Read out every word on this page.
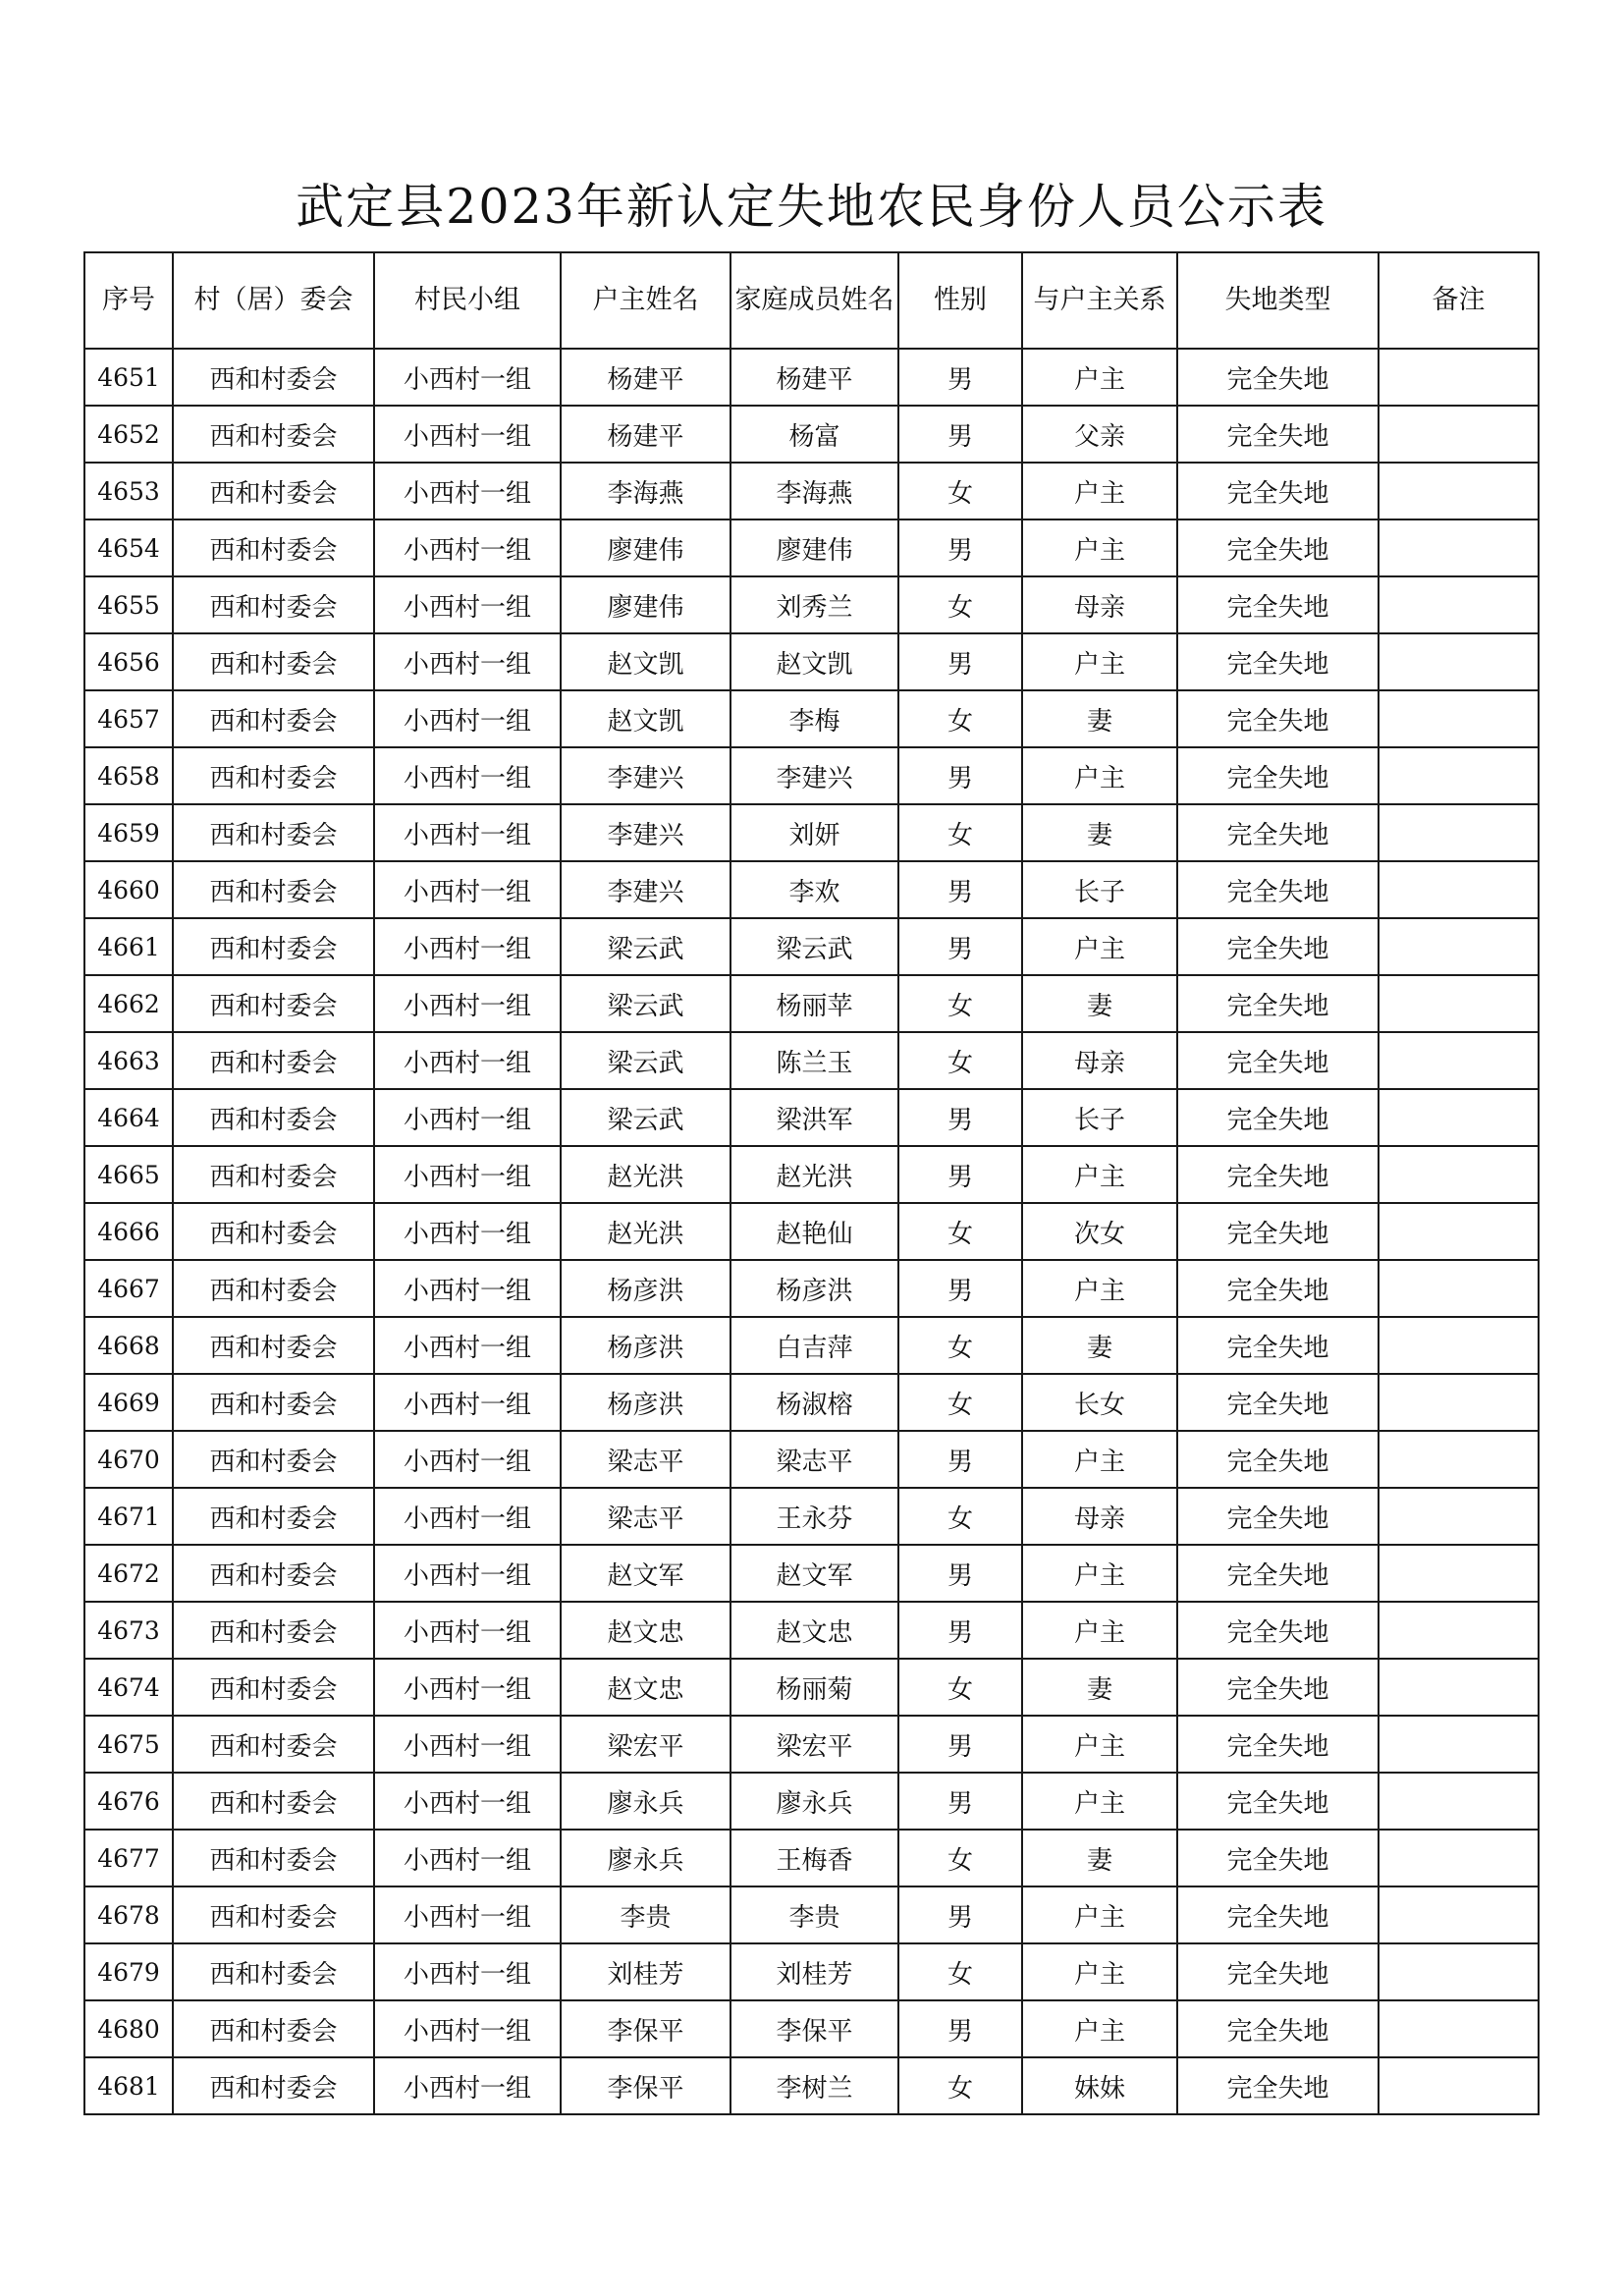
武定县2023年新认定失地农民身份人员公示表
序号	村（居）委会	村民小组	户主姓名	家庭成员姓名	性别	与户主关系	失地类型	备注
4651	西和村委会	小西村一组	杨建平	杨建平	男	户主	完全失地	
4652	西和村委会	小西村一组	杨建平	杨富	男	父亲	完全失地	
4653	西和村委会	小西村一组	李海燕	李海燕	女	户主	完全失地	
4654	西和村委会	小西村一组	廖建伟	廖建伟	男	户主	完全失地	
4655	西和村委会	小西村一组	廖建伟	刘秀兰	女	母亲	完全失地	
4656	西和村委会	小西村一组	赵文凯	赵文凯	男	户主	完全失地	
4657	西和村委会	小西村一组	赵文凯	李梅	女	妻	完全失地	
4658	西和村委会	小西村一组	李建兴	李建兴	男	户主	完全失地	
4659	西和村委会	小西村一组	李建兴	刘妍	女	妻	完全失地	
4660	西和村委会	小西村一组	李建兴	李欢	男	长子	完全失地	
4661	西和村委会	小西村一组	梁云武	梁云武	男	户主	完全失地	
4662	西和村委会	小西村一组	梁云武	杨丽苹	女	妻	完全失地	
4663	西和村委会	小西村一组	梁云武	陈兰玉	女	母亲	完全失地	
4664	西和村委会	小西村一组	梁云武	梁洪军	男	长子	完全失地	
4665	西和村委会	小西村一组	赵光洪	赵光洪	男	户主	完全失地	
4666	西和村委会	小西村一组	赵光洪	赵艳仙	女	次女	完全失地	
4667	西和村委会	小西村一组	杨彦洪	杨彦洪	男	户主	完全失地	
4668	西和村委会	小西村一组	杨彦洪	白吉萍	女	妻	完全失地	
4669	西和村委会	小西村一组	杨彦洪	杨淑榕	女	长女	完全失地	
4670	西和村委会	小西村一组	梁志平	梁志平	男	户主	完全失地	
4671	西和村委会	小西村一组	梁志平	王永芬	女	母亲	完全失地	
4672	西和村委会	小西村一组	赵文军	赵文军	男	户主	完全失地	
4673	西和村委会	小西村一组	赵文忠	赵文忠	男	户主	完全失地	
4674	西和村委会	小西村一组	赵文忠	杨丽菊	女	妻	完全失地	
4675	西和村委会	小西村一组	梁宏平	梁宏平	男	户主	完全失地	
4676	西和村委会	小西村一组	廖永兵	廖永兵	男	户主	完全失地	
4677	西和村委会	小西村一组	廖永兵	王梅香	女	妻	完全失地	
4678	西和村委会	小西村一组	李贵	李贵	男	户主	完全失地	
4679	西和村委会	小西村一组	刘桂芳	刘桂芳	女	户主	完全失地	
4680	西和村委会	小西村一组	李保平	李保平	男	户主	完全失地	
4681	西和村委会	小西村一组	李保平	李树兰	女	妹妹	完全失地	
